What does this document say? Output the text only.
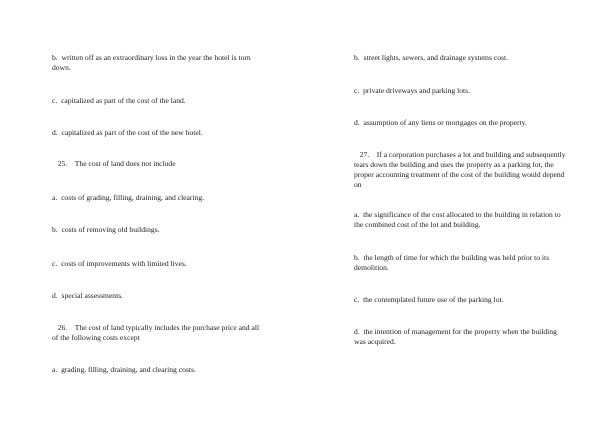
b.  written off as an extraordinary loss in the year the hotel is torn down.

c.  capitalized as part of the cost of the land.

d.  capitalized as part of the cost of the new hotel.

25.    The cost of land does not include

a.  costs of grading, filling, draining, and clearing.

b.  costs of removing old buildings.

c.  costs of improvements with limited lives.

d.  special assessments.

26.    The cost of land typically includes the purchase price and all of the following costs except

a.  grading, filling, draining, and clearing costs.

b.  street lights, sewers, and drainage systems cost.

c.  private driveways and parking lots.

d.  assumption of any liens or mortgages on the property.

27.    If a corporation purchases a lot and building and subsequently tears down the building and uses the property as a parking lot, the proper accounting treatment of the cost of the building would depend on

a.  the significance of the cost allocated to the building in relation to the combined cost of the lot and building.

b.  the length of time for which the building was held prior to its demolition.

c.  the contemplated future use of the parking lot.

d.  the intention of management for the property when the building was acquired.
